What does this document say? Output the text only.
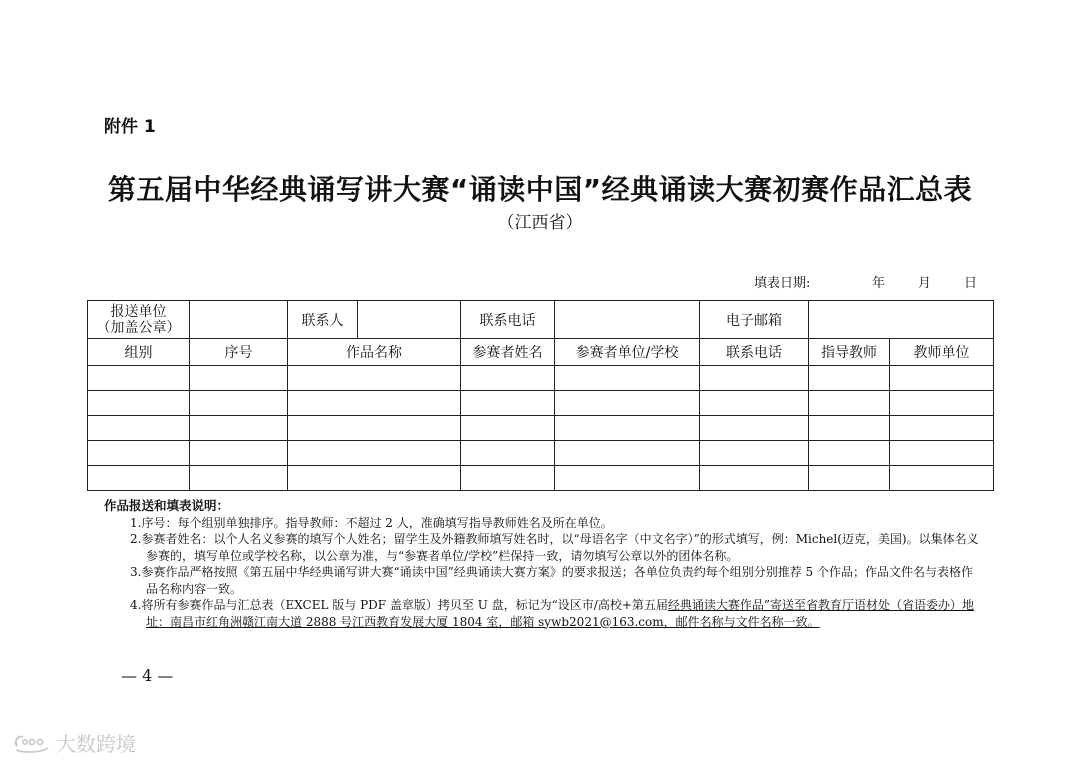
附件 1
第五届中华经典诵写讲大赛“诵读中国”经典诵读大赛初赛作品汇总表
（江西省）
填表日期:	年	月	日
报送单位
（加盖公章）		联系人		联系电话		电子邮箱		
组别	序号	作品名称		参赛者姓名	参赛者单位/学校	联系电话	指导教师	教师单位

作品报送和填表说明：
1.序号：每个组别单独排序。指导教师：不超过 2 人，准确填写指导教师姓名及所在单位。
2.参赛者姓名：以个人名义参赛的填写个人姓名；留学生及外籍教师填写姓名时，以“母语名字（中文名字）”的形式填写，例：Michel(迈克，美国)。以集体名义参赛的，填写单位或学校名称，以公章为准，与“参赛者单位/学校”栏保持一致，请勿填写公章以外的团体名称。
3.参赛作品严格按照《第五届中华经典诵写讲大赛“诵读中国”经典诵读大赛方案》的要求报送；各单位负责约每个组别分别推荐 5 个作品；作品文件名与表格作品名称内容一致。
4.将所有参赛作品与汇总表（EXCEL 版与 PDF 盖章版）拷贝至 U 盘，标记为“设区市/高校+第五届经典诵读大赛作品”寄送至省教育厅语材处（省语委办）地址：南昌市红角洲赣江南大道 2888 号江西教育发展大厦 1804 室，邮箱 sywb2021@163.com，邮件名称与文件名称一致。
— 4 —
大数跨境
